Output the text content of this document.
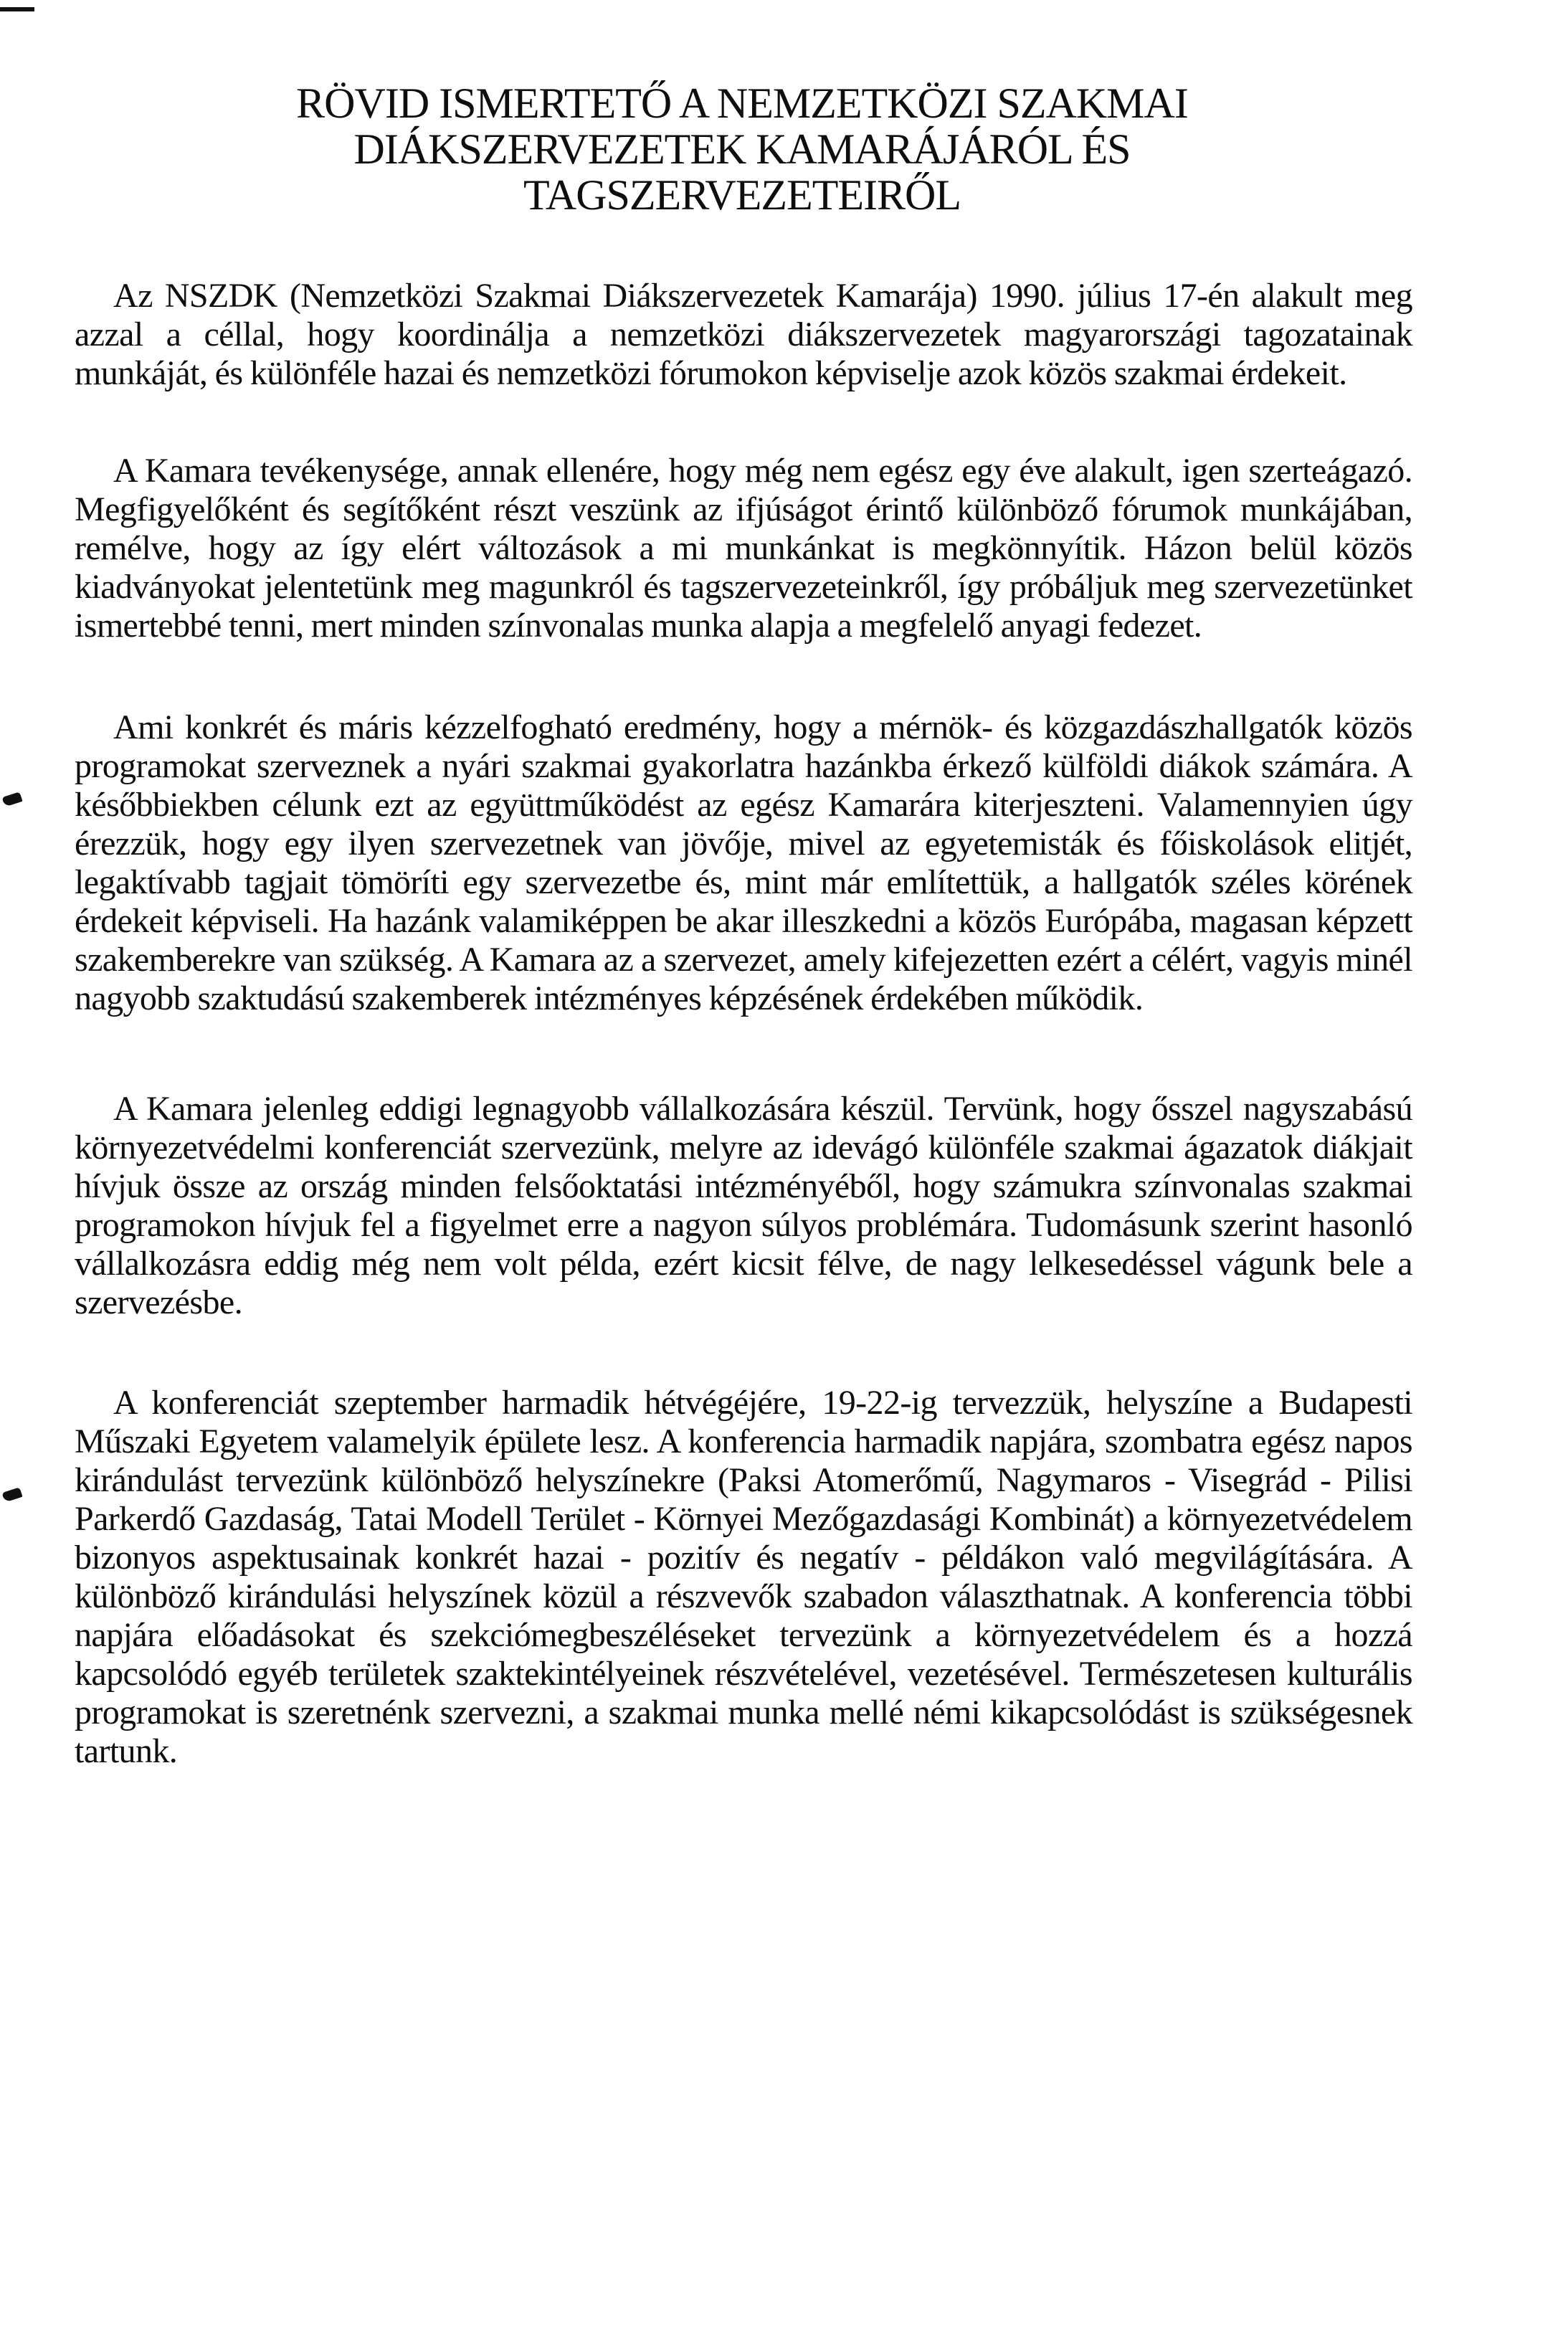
RÖVID ISMERTETŐ A NEMZETKÖZI SZAKMAI
DIÁKSZERVEZETEK KAMARÁJÁRÓL ÉS
TAGSZERVEZETEIRŐL

Az NSZDK (Nemzetközi Szakmai Diákszervezetek Kamarája) 1990. július 17-én alakult meg azzal a céllal, hogy koordinálja a nemzetközi diákszervezetek magyarországi tagozatainak munkáját, és különféle hazai és nemzetközi fórumokon képviselje azok közös szakmai érdekeit.

A Kamara tevékenysége, annak ellenére, hogy még nem egész egy éve alakult, igen szerteágazó. Megfigyelőként és segítőként részt veszünk az ifjúságot érintő különböző fórumok munkájában, remélve, hogy az így elért változások a mi munkánkat is megkönnyítik. Házon belül közös kiadványokat jelentetünk meg magunkról és tagszervezeteinkről, így próbáljuk meg szervezetünket ismertebbé tenni, mert minden színvonalas munka alapja a megfelelő anyagi fedezet.

Ami konkrét és máris kézzelfogható eredmény, hogy a mérnök- és közgazdászhallgatók közös programokat szerveznek a nyári szakmai gyakorlatra hazánkba érkező külföldi diákok számára. A későbbiekben célunk ezt az együttműködést az egész Kamarára kiterjeszteni. Valamennyien úgy érezzük, hogy egy ilyen szervezetnek van jövője, mivel az egyetemisták és főiskolások elitjét, legaktívabb tagjait tömöríti egy szervezetbe és, mint már említettük, a hallgatók széles körének érdekeit képviseli. Ha hazánk valamiképpen be akar illeszkedni a közös Európába, magasan képzett szakemberekre van szükség. A Kamara az a szervezet, amely kifejezetten ezért a célért, vagyis minél nagyobb szaktudású szakemberek intézményes képzésének érdekében működik.

A Kamara jelenleg eddigi legnagyobb vállalkozására készül. Tervünk, hogy ősszel nagyszabású környezetvédelmi konferenciát szervezünk, melyre az idevágó különféle szakmai ágazatok diákjait hívjuk össze az ország minden felsőoktatási intézményéből, hogy számukra színvonalas szakmai programokon hívjuk fel a figyelmet erre a nagyon súlyos problémára. Tudomásunk szerint hasonló vállalkozásra eddig még nem volt példa, ezért kicsit félve, de nagy lelkesedéssel vágunk bele a szervezésbe.

A konferenciát szeptember harmadik hétvégéjére, 19-22-ig tervezzük, helyszíne a Budapesti Műszaki Egyetem valamelyik épülete lesz. A konferencia harmadik napjára, szombatra egész napos kirándulást tervezünk különböző helyszínekre (Paksi Atomerőmű, Nagymaros - Visegrád - Pilisi Parkerdő Gazdaság, Tatai Modell Terület - Környei Mezőgazdasági Kombinát) a környezetvédelem bizonyos aspektusainak konkrét hazai - pozitív és negatív - példákon való megvilágítására. A különböző kirándulási helyszínek közül a részvevők szabadon választhatnak. A konferencia többi napjára előadásokat és szekciómegbeszéléseket tervezünk a környezetvédelem és a hozzá kapcsolódó egyéb területek szaktekintélyeinek részvételével, vezetésével. Természetesen kulturális programokat is szeretnénk szervezni, a szakmai munka mellé némi kikapcsolódást is szükségesnek tartunk.
